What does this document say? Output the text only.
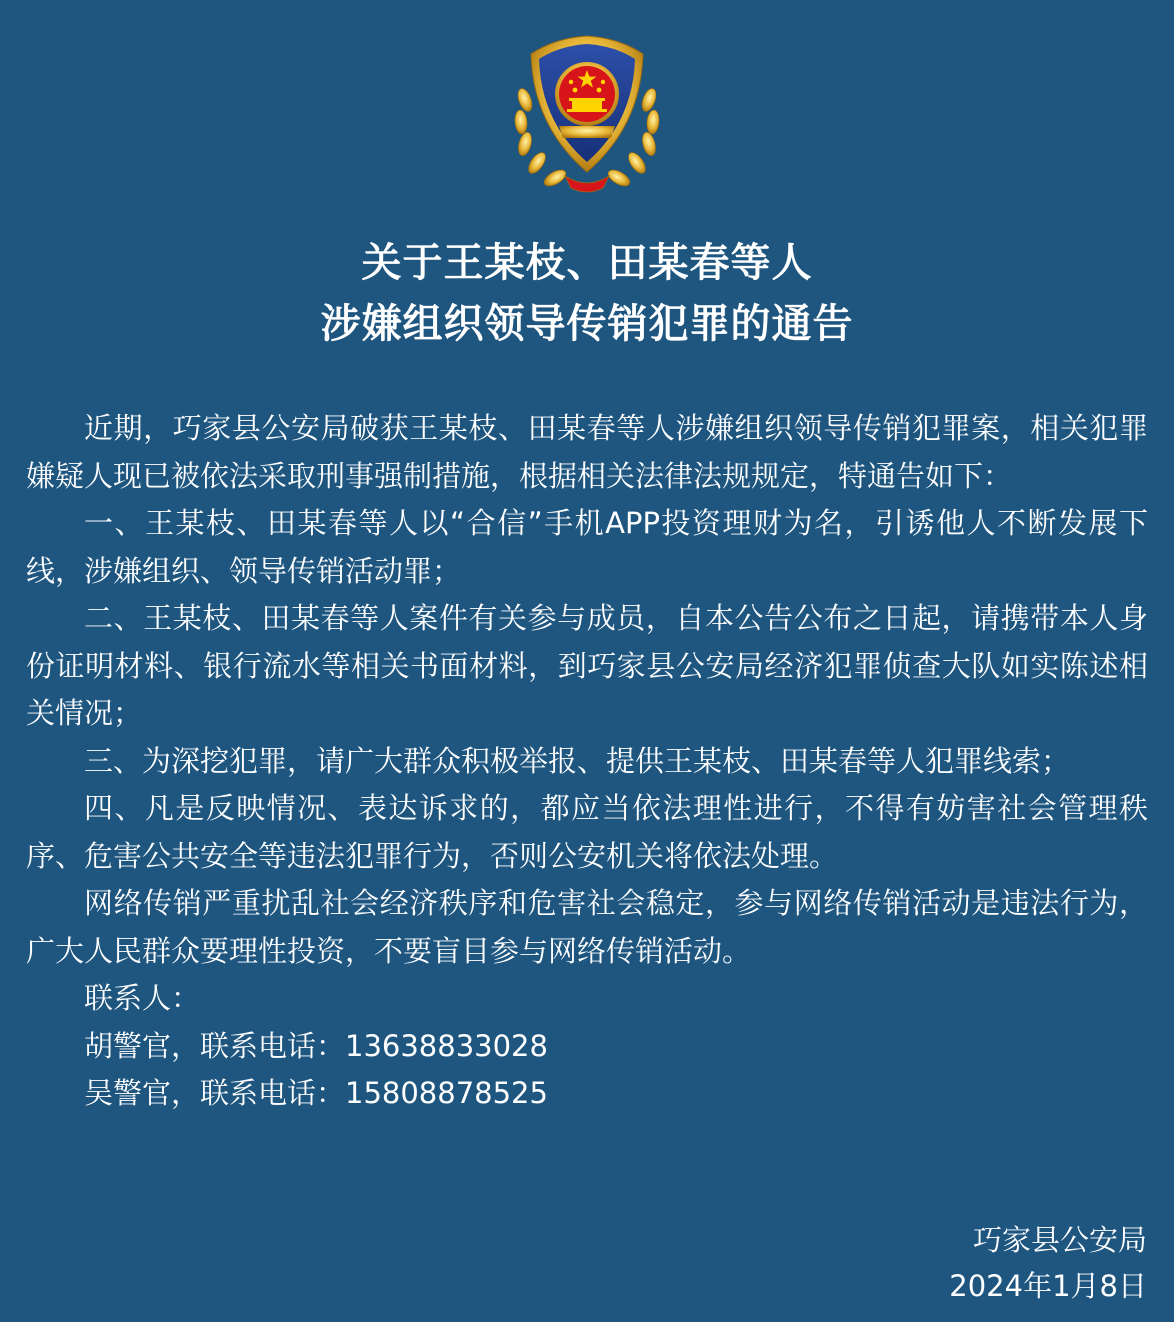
关于王某枝、田某春等人
涉嫌组织领导传销犯罪的通告

近期，巧家县公安局破获王某枝、田某春等人涉嫌组织领导传销犯罪案，相关犯罪嫌疑人现已被依法采取刑事强制措施，根据相关法律法规规定，特通告如下：

一、王某枝、田某春等人以“合信”手机APP投资理财为名，引诱他人不断发展下线，涉嫌组织、领导传销活动罪；

二、王某枝、田某春等人案件有关参与成员，自本公告公布之日起，请携带本人身份证明材料、银行流水等相关书面材料，到巧家县公安局经济犯罪侦查大队如实陈述相关情况；

三、为深挖犯罪，请广大群众积极举报、提供王某枝、田某春等人犯罪线索；

四、凡是反映情况、表达诉求的，都应当依法理性进行，不得有妨害社会管理秩序、危害公共安全等违法犯罪行为，否则公安机关将依法处理。

网络传销严重扰乱社会经济秩序和危害社会稳定，参与网络传销活动是违法行为，广大人民群众要理性投资，不要盲目参与网络传销活动。

联系人：

胡警官，联系电话：13638833028

吴警官，联系电话：15808878525

巧家县公安局
2024年1月8日
